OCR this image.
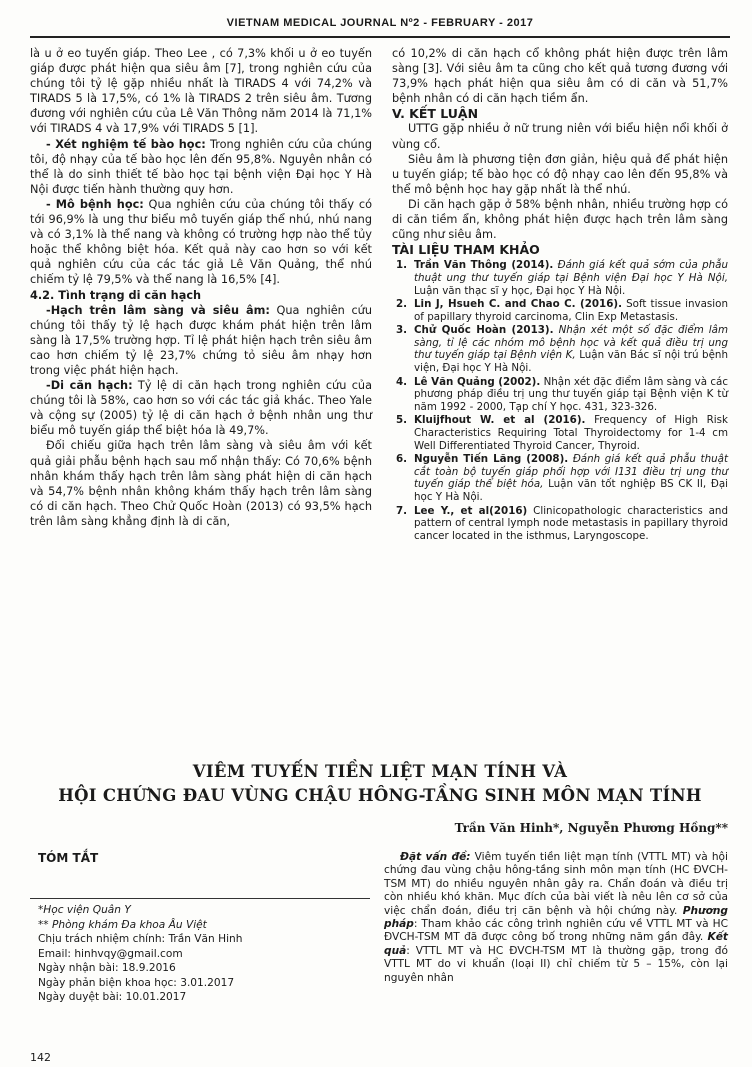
VIETNAM MEDICAL JOURNAL Nº2 - FEBRUARY - 2017

là u ở eo tuyến giáp. Theo Lee , có 7,3% khối u ở eo tuyến giáp được phát hiện qua siêu âm [7], trong nghiên cứu của chúng tôi tỷ lệ gặp nhiều nhất là TIRADS 4 với 74,2% và TIRADS 5 là 17,5%, có 1% là TIRADS 2 trên siêu âm. Tương đương với nghiên cứu của Lê Văn Thông năm 2014 là 71,1% với TIRADS 4 và 17,9% với TIRADS 5 [1].

- Xét nghiệm tế bào học: Trong nghiên cứu của chúng tôi, độ nhạy của tế bào học lên đến 95,8%. Nguyên nhân có thể là do sinh thiết tế bào học tại bệnh viện Đại học Y Hà Nội được tiến hành thường quy hơn.

- Mô bệnh học: Qua nghiên cứu của chúng tôi thấy có tới 96,9% là ung thư biểu mô tuyến giáp thể nhú, nhú nang và có 3,1% là thể nang và không có trường hợp nào thể tủy hoặc thể không biệt hóa. Kết quả này cao hơn so với kết quả nghiên cứu của các tác giả Lê Văn Quảng, thể nhú chiếm tỷ lệ 79,5% và thể nang là 16,5% [4].

4.2. Tình trạng di căn hạch

-Hạch trên lâm sàng và siêu âm: Qua nghiên cứu chúng tôi thấy tỷ lệ hạch được khám phát hiện trên lâm sàng là 17,5% trường hợp. Tỉ lệ phát hiện hạch trên siêu âm cao hơn chiếm tỷ lệ 23,7% chứng tỏ siêu âm nhạy hơn trong việc phát hiện hạch.

-Di căn hạch: Tỷ lệ di căn hạch trong nghiên cứu của chúng tôi là 58%, cao hơn so với các tác giả khác. Theo Yale và cộng sự (2005) tỷ lệ di căn hạch ở bệnh nhân ung thư biểu mô tuyến giáp thể biệt hóa là 49,7%.

Đối chiếu giữa hạch trên lâm sàng và siêu âm với kết quả giải phẫu bệnh hạch sau mổ nhận thấy: Có 70,6% bệnh nhân khám thấy hạch trên lâm sàng phát hiện di căn hạch và 54,7% bệnh nhân không khám thấy hạch trên lâm sàng có di căn hạch. Theo Chử Quốc Hoàn (2013) có 93,5% hạch trên lâm sàng khẳng định là di căn,

có 10,2% di căn hạch cổ không phát hiện được trên lâm sàng [3]. Với siêu âm ta cũng cho kết quả tương đương với 73,9% hạch phát hiện qua siêu âm có di căn và 51,7% bệnh nhân có di căn hạch tiềm ẩn.

V. KẾT LUẬN

UTTG gặp nhiều ở nữ trung niên với biểu hiện nổi khối ở vùng cổ.

Siêu âm là phương tiện đơn giản, hiệu quả để phát hiện u tuyến giáp; tế bào học có độ nhạy cao lên đến 95,8% và thể mô bệnh học hay gặp nhất là thể nhú.

Di căn hạch gặp ở 58% bệnh nhân, nhiều trường hợp có di căn tiềm ẩn, không phát hiện được hạch trên lâm sàng cũng như siêu âm.

TÀI LIỆU THAM KHẢO

1. Trần Văn Thông (2014). Đánh giá kết quả sớm của phẫu thuật ung thư tuyến giáp tại Bệnh viện Đại học Y Hà Nội, Luận văn thạc sĩ y học, Đại học Y Hà Nội.
2. Lin J, Hsueh C. and Chao C. (2016). Soft tissue invasion of papillary thyroid carcinoma, Clin Exp Metastasis.
3. Chử Quốc Hoàn (2013). Nhận xét một số đặc điểm lâm sàng, tỉ lệ các nhóm mô bệnh học và kết quả điều trị ung thư tuyến giáp tại Bệnh viện K, Luận văn Bác sĩ nội trú bệnh viện, Đại học Y Hà Nội.
4. Lê Văn Quảng (2002). Nhận xét đặc điểm lâm sàng và các phương pháp điều trị ung thư tuyến giáp tại Bệnh viện K từ năm 1992 - 2000, Tạp chí Y học. 431, 323-326.
5. Kluijfhout W. et al (2016). Frequency of High Risk Characteristics Requiring Total Thyroidectomy for 1-4 cm Well Differentiated Thyroid Cancer, Thyroid.
6. Nguyễn Tiến Lãng (2008). Đánh giá kết quả phẫu thuật cắt toàn bộ tuyến giáp phối hợp với I131 điều trị ung thư tuyến giáp thể biệt hóa, Luận văn tốt nghiệp BS CK II, Đại học Y Hà Nội.
7. Lee Y., et al(2016) Clinicopathologic characteristics and pattern of central lymph node metastasis in papillary thyroid cancer located in the isthmus, Laryngoscope.
VIÊM TUYẾN TIỀN LIỆT MẠN TÍNH VÀ
HỘI CHỨNG ĐAU VÙNG CHẬU HÔNG-TẦNG SINH MÔN MẠN TÍNH
Trần Văn Hinh*, Nguyễn Phương Hồng**
TÓM TẮT
*Học viện Quân Y
** Phòng khám Đa khoa Âu Việt
Chịu trách nhiệm chính: Trần Văn Hinh
Email: hinhvqy@gmail.com
Ngày nhận bài: 18.9.2016
Ngày phản biện khoa học: 3.01.2017
Ngày duyệt bài: 10.01.2017
Đặt vấn đề: Viêm tuyến tiền liệt mạn tính (VTTL MT) và hội chứng đau vùng chậu hông-tầng sinh môn mạn tính (HC ĐVCH-TSM MT) do nhiều nguyên nhân gây ra. Chẩn đoán và điều trị còn nhiều khó khăn. Mục đích của bài viết là nêu lên cơ sở của việc chẩn đoán, điều trị căn bệnh và hội chứng này. Phương pháp: Tham khảo các công trình nghiên cứu về VTTL MT và HC ĐVCH-TSM MT đã được công bố trong những năm gần đây. Kết quả: VTTL MT và HC ĐVCH-TSM MT là thường gặp, trong đó VTTL MT do vi khuẩn (loại II) chỉ chiếm từ 5 – 15%, còn lại nguyên nhân
142
